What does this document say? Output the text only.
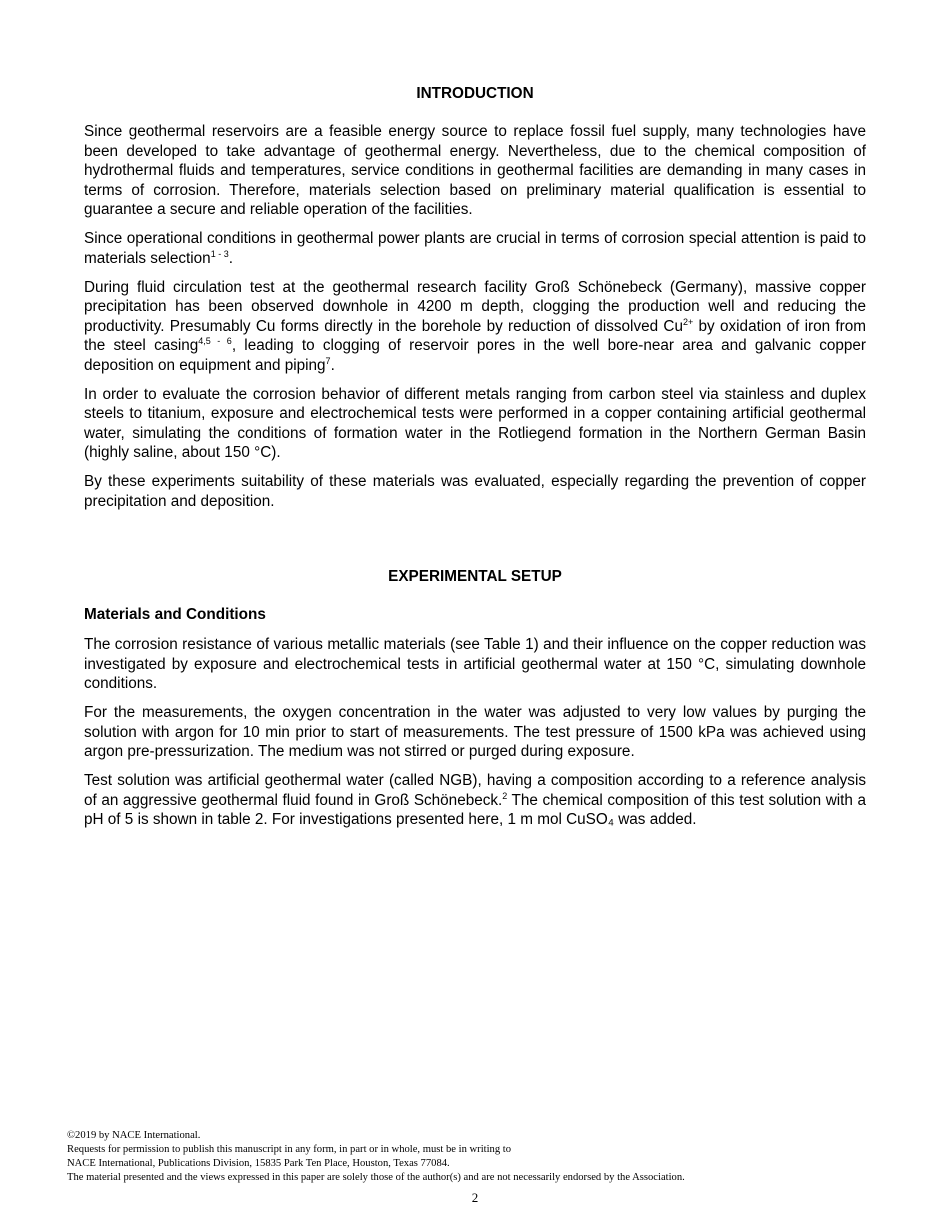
INTRODUCTION

Since geothermal reservoirs are a feasible energy source to replace fossil fuel supply, many technologies have been developed to take advantage of geothermal energy. Nevertheless, due to the chemical composition of hydrothermal fluids and temperatures, service conditions in geothermal facilities are demanding in many cases in terms of corrosion. Therefore, materials selection based on preliminary material qualification is essential to guarantee a secure and reliable operation of the facilities.

Since operational conditions in geothermal power plants are crucial in terms of corrosion special attention is paid to materials selection$^{1 - 3}$.

During fluid circulation test at the geothermal research facility Groß Schönebeck (Germany), massive copper precipitation has been observed downhole in 4200 m depth, clogging the production well and reducing the productivity. Presumably Cu forms directly in the borehole by reduction of dissolved $Cu^{2+}$ by oxidation of iron from the steel casing$^{4,5 - 6}$, leading to clogging of reservoir pores in the well bore-near area and galvanic copper deposition on equipment and piping$^7$.

In order to evaluate the corrosion behavior of different metals ranging from carbon steel via stainless and duplex steels to titanium, exposure and electrochemical tests were performed in a copper containing artificial geothermal water, simulating the conditions of formation water in the Rotliegend formation in the Northern German Basin (highly saline, about 150 °C).

By these experiments suitability of these materials was evaluated, especially regarding the prevention of copper precipitation and deposition.

EXPERIMENTAL SETUP
Materials and Conditions

The corrosion resistance of various metallic materials (see Table 1) and their influence on the copper reduction was investigated by exposure and electrochemical tests in artificial geothermal water at 150 °C, simulating downhole conditions.

For the measurements, the oxygen concentration in the water was adjusted to very low values by purging the solution with argon for 10 min prior to start of measurements. The test pressure of 1500 kPa was achieved using argon pre-pressurization. The medium was not stirred or purged during exposure.

Test solution was artificial geothermal water (called NGB), having a composition according to a reference analysis of an aggressive geothermal fluid found in Groß Schönebeck.$^2$ The chemical composition of this test solution with a pH of 5 is shown in table 2. For investigations presented here, 1 m mol CuSO₄ was added.

©2019 by NACE International.
Requests for permission to publish this manuscript in any form, in part or in whole, must be in writing to
NACE International, Publications Division, 15835 Park Ten Place, Houston, Texas 77084.
The material presented and the views expressed in this paper are solely those of the author(s) and are not necessarily endorsed by the Association.
2
